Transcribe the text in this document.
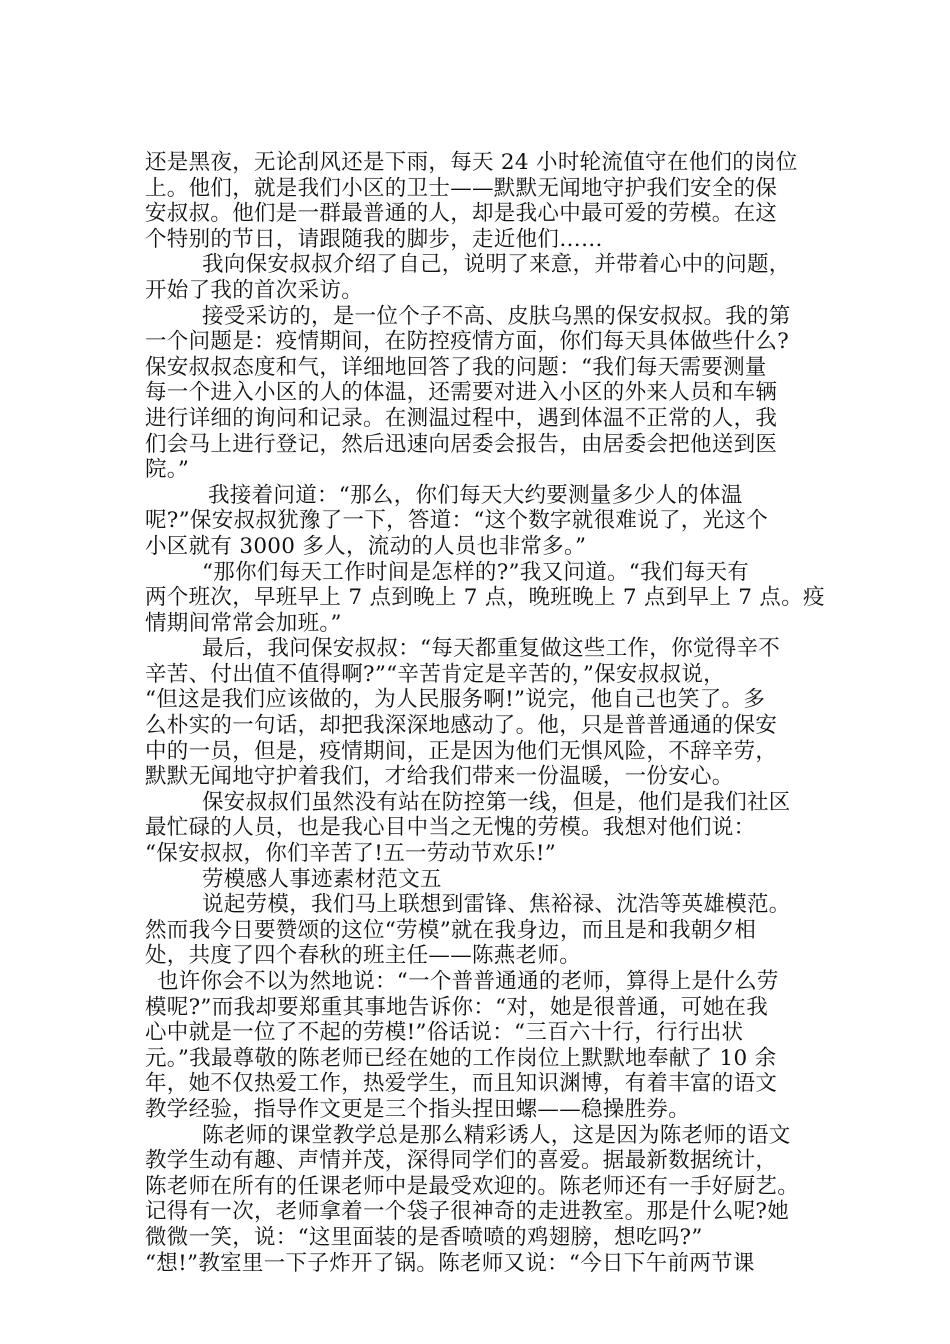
还是黑夜，无论刮风还是下雨，每天 24 小时轮流值守在他们的岗位
上。他们，就是我们小区的卫士——默默无闻地守护我们安全的保
安叔叔。他们是一群最普通的人，却是我心中最可爱的劳模。在这
个特别的节日，请跟随我的脚步，走近他们……
我向保安叔叔介绍了自己，说明了来意，并带着心中的问题，
开始了我的首次采访。
接受采访的，是一位个子不高、皮肤乌黑的保安叔叔。我的第
一个问题是：疫情期间，在防控疫情方面，你们每天具体做些什么?
保安叔叔态度和气，详细地回答了我的问题：“我们每天需要测量
每一个进入小区的人的体温，还需要对进入小区的外来人员和车辆
进行详细的询问和记录。在测温过程中，遇到体温不正常的人，我
们会马上进行登记，然后迅速向居委会报告，由居委会把他送到医
院。”
我接着问道：“那么，你们每天大约要测量多少人的体温
呢?”保安叔叔犹豫了一下，答道：“这个数字就很难说了，光这个
小区就有 3000 多人，流动的人员也非常多。”
“那你们每天工作时间是怎样的?”我又问道。“我们每天有
两个班次，早班早上 7 点到晚上 7 点，晚班晚上 7 点到早上 7 点。疫
情期间常常会加班。”
最后，我问保安叔叔：“每天都重复做这些工作，你觉得辛不
辛苦、付出值不值得啊?”“辛苦肯定是辛苦的，”保安叔叔说，
“但这是我们应该做的，为人民服务啊!”说完，他自己也笑了。多
么朴实的一句话，却把我深深地感动了。他，只是普普通通的保安
中的一员，但是，疫情期间，正是因为他们无惧风险，不辞辛劳，
默默无闻地守护着我们，才给我们带来一份温暖，一份安心。
保安叔叔们虽然没有站在防控第一线，但是，他们是我们社区
最忙碌的人员，也是我心目中当之无愧的劳模。我想对他们说：
“保安叔叔，你们辛苦了!五一劳动节欢乐!”
劳模感人事迹素材范文五
说起劳模，我们马上联想到雷锋、焦裕禄、沈浩等英雄模范。
然而我今日要赞颂的这位“劳模”就在我身边，而且是和我朝夕相
处，共度了四个春秋的班主任——陈燕老师。
也许你会不以为然地说：“一个普普通通的老师，算得上是什么劳
模呢?”而我却要郑重其事地告诉你：“对，她是很普通，可她在我
心中就是一位了不起的劳模!”俗话说：“三百六十行，行行出状
元。”我最尊敬的陈老师已经在她的工作岗位上默默地奉献了 10 余
年，她不仅热爱工作，热爱学生，而且知识渊博，有着丰富的语文
教学经验，指导作文更是三个指头捏田螺——稳操胜券。
陈老师的课堂教学总是那么精彩诱人，这是因为陈老师的语文
教学生动有趣、声情并茂，深得同学们的喜爱。据最新数据统计，
陈老师在所有的任课老师中是最受欢迎的。陈老师还有一手好厨艺。
记得有一次，老师拿着一个袋子很神奇的走进教室。那是什么呢?她
微微一笑，说：“这里面装的是香喷喷的鸡翅膀，想吃吗?”
“想!”教室里一下子炸开了锅。陈老师又说：“今日下午前两节课
